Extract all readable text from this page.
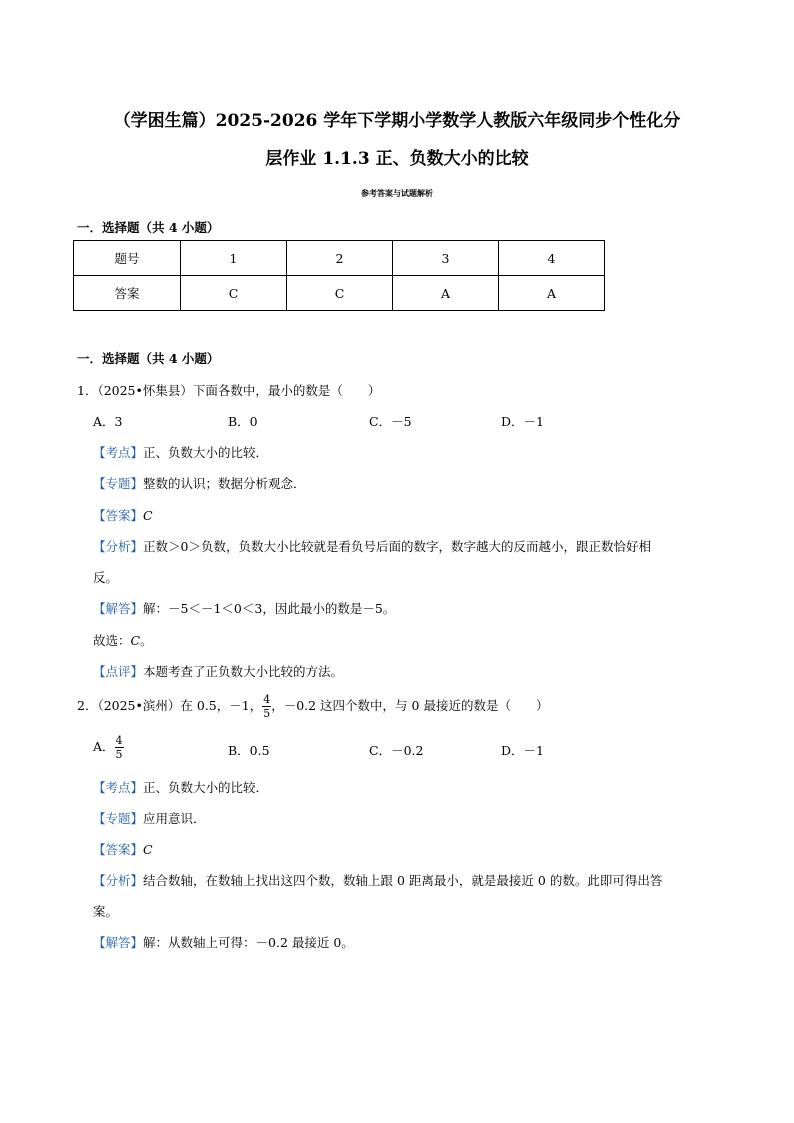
（学困生篇）2025-2026 学年下学期小学数学人教版六年级同步个性化分
层作业 1.1.3 正、负数大小的比较
参考答案与试题解析
一．选择题（共 4 小题）
题号	1	2	3	4
答案	C	C	A	A
一．选择题（共 4 小题）
1．（2025•怀集县）下面各数中，最小的数是（　　）
A．3	B．0	C．－5	D．－1
【考点】正、负数大小的比较．
【专题】整数的认识；数据分析观念．
【答案】C
【分析】正数＞0＞负数，负数大小比较就是看负号后面的数字，数字越大的反而越小，跟正数恰好相
反。
【解答】解：－5＜－1＜0＜3，因此最小的数是－5。
故选：C。
【点评】本题考查了正负数大小比较的方法。
2．（2025•滨州）在 0.5，－1， $\frac{4}{5}$ ，－0.2 这四个数中，与 0 最接近的数是（　　）
A． $\frac{4}{5}$	B．0.5	C．－0.2	D．－1
【考点】正、负数大小的比较．
【专题】应用意识．
【答案】C
【分析】结合数轴，在数轴上找出这四个数，数轴上跟 0 距离最小，就是最接近 0 的数。此即可得出答
案。
【解答】解：从数轴上可得：－0.2 最接近 0。
